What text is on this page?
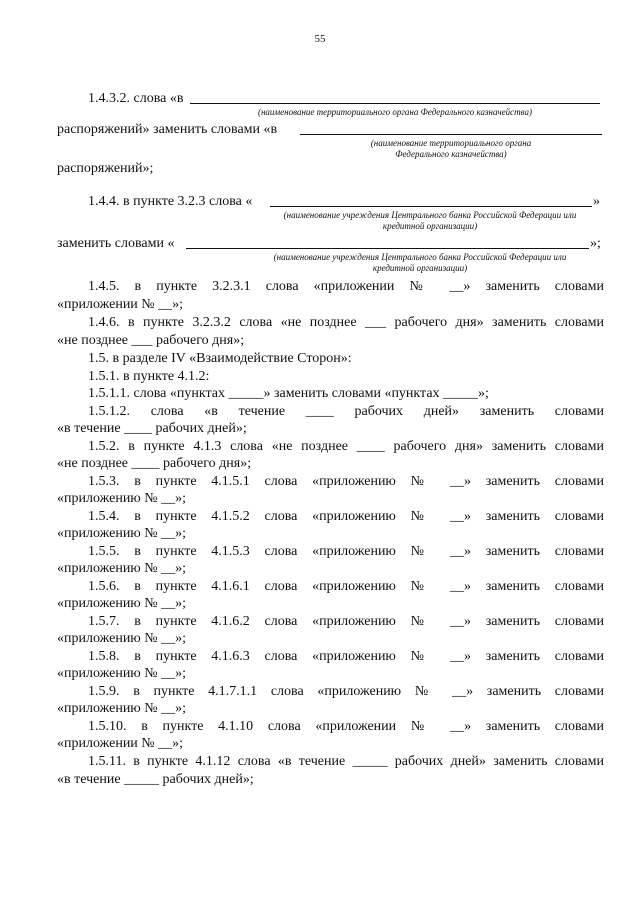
55
1.4.3.2. слова «в
(наименование территориального органа Федерального казначейства)
распоряжений» заменить словами «в
(наименование территориального органа
Федерального казначейства)
распоряжений»;
1.4.4. в пункте 3.2.3 слова «	»
(наименование учреждения Центрального банка Российской Федерации или
кредитной организации)
заменить словами «	»;
(наименование учреждения Центрального банка Российской Федерации или
кредитной организации)
1.4.5. в пункте 3.2.3.1 слова «приложении № __» заменить словами
«приложении № __»;
1.4.6. в пункте 3.2.3.2 слова «не позднее ___ рабочего дня» заменить словами
«не позднее ___ рабочего дня»;
1.5. в разделе IV «Взаимодействие Сторон»:
1.5.1. в пункте 4.1.2:
1.5.1.1. слова «пунктах _____» заменить словами «пунктах _____»;
1.5.1.2. слова «в течение ____ рабочих дней» заменить словами
«в течение ____ рабочих дней»;
1.5.2. в пункте 4.1.3 слова «не позднее ____ рабочего дня» заменить словами
«не позднее ____ рабочего дня»;
1.5.3. в пункте 4.1.5.1 слова «приложению № __» заменить словами
«приложению № __»;
1.5.4. в пункте 4.1.5.2 слова «приложению № __» заменить словами
«приложению № __»;
1.5.5. в пункте 4.1.5.3 слова «приложению № __» заменить словами
«приложению № __»;
1.5.6. в пункте 4.1.6.1 слова «приложению № __» заменить словами
«приложению № __»;
1.5.7. в пункте 4.1.6.2 слова «приложению № __» заменить словами
«приложению № __»;
1.5.8. в пункте 4.1.6.3 слова «приложению № __» заменить словами
«приложению № __»;
1.5.9. в пункте 4.1.7.1.1 слова «приложению № __» заменить словами
«приложению № __»;
1.5.10. в пункте 4.1.10 слова «приложении № __» заменить словами
«приложении № __»;
1.5.11. в пункте 4.1.12 слова «в течение _____ рабочих дней» заменить словами
«в течение _____ рабочих дней»;
